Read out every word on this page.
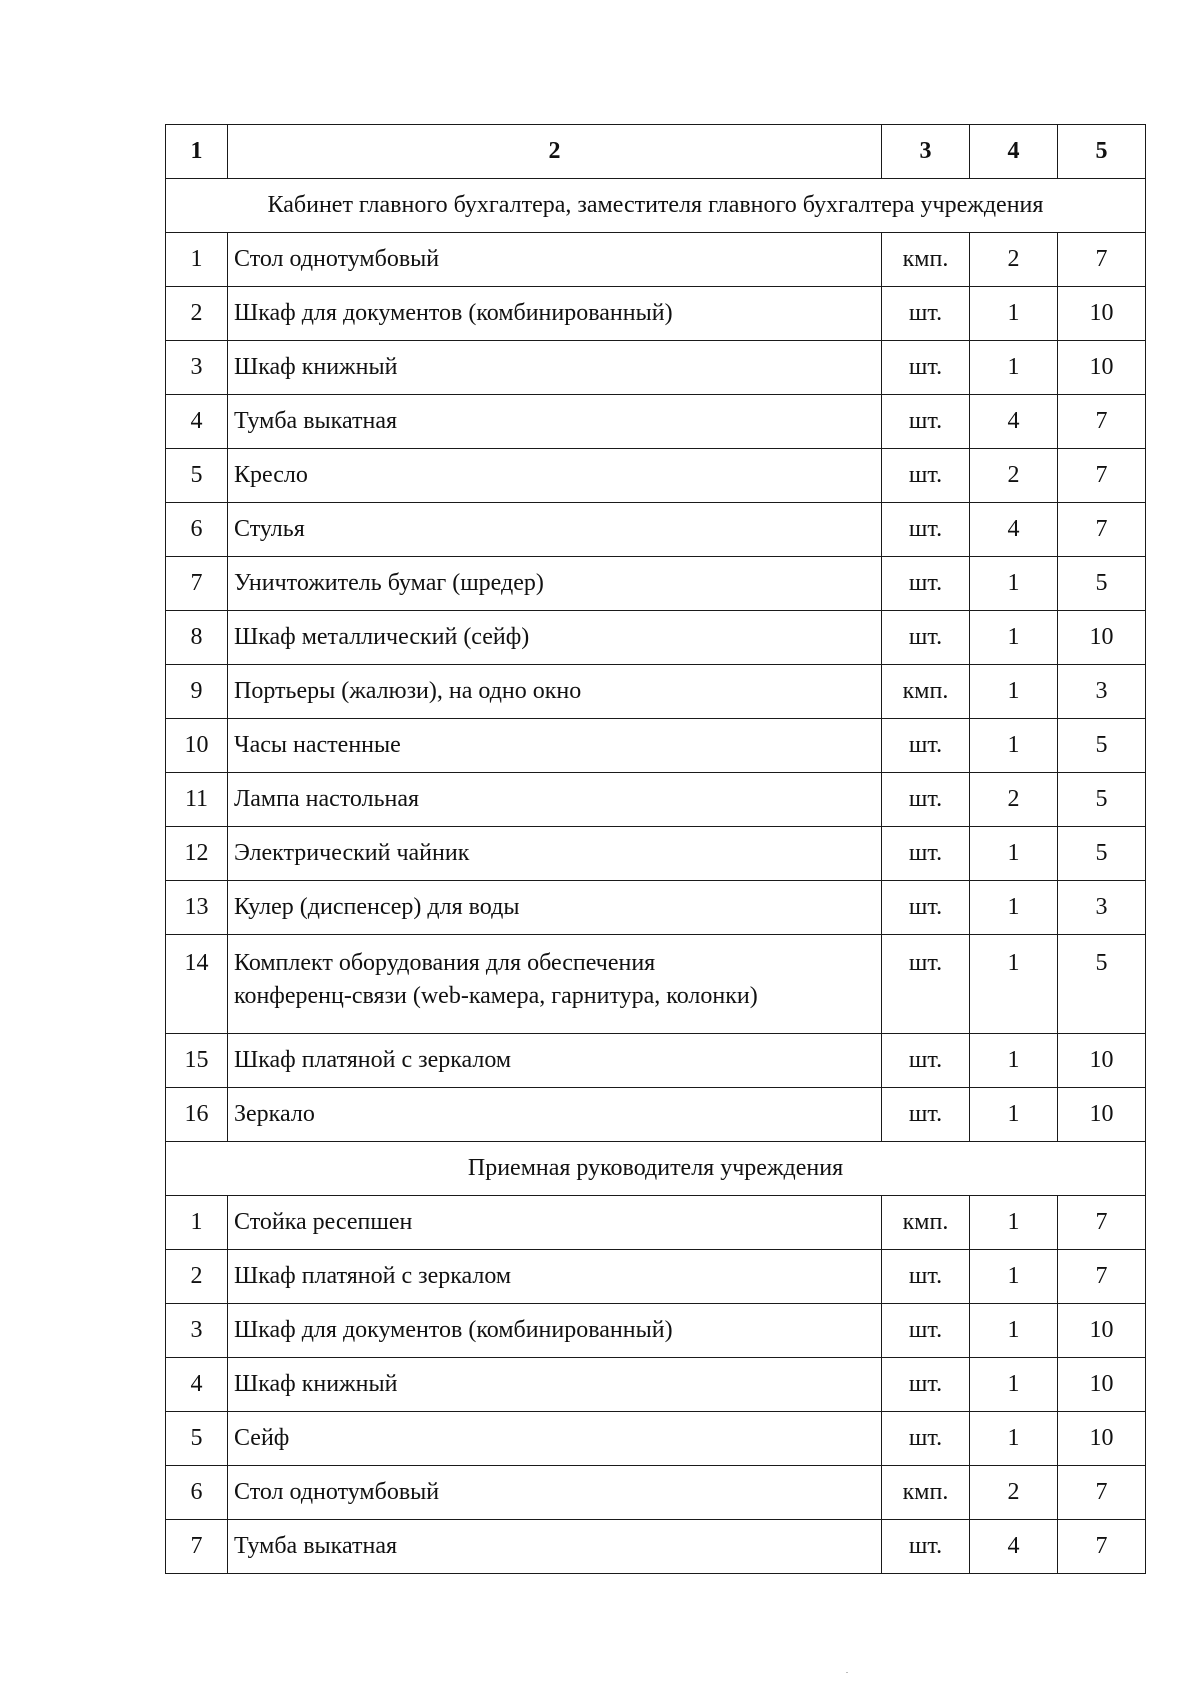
1	2	3	4	5
Кабинет главного бухгалтера, заместителя главного бухгалтера учреждения				
1	Стол однотумбовый	кмп.	2	7
2	Шкаф для документов (комбинированный)	шт.	1	10
3	Шкаф книжный	шт.	1	10
4	Тумба выкатная	шт.	4	7
5	Кресло	шт.	2	7
6	Стулья	шт.	4	7
7	Уничтожитель бумаг (шредер)	шт.	1	5
8	Шкаф металлический (сейф)	шт.	1	10
9	Портьеры (жалюзи), на одно окно	кмп.	1	3
10	Часы настенные	шт.	1	5
11	Лампа настольная	шт.	2	5
12	Электрический чайник	шт.	1	5
13	Кулер (диспенсер) для воды	шт.	1	3
14	Комплект оборудования для обеспечения
конференц-связи (web-камера, гарнитура, колонки)	шт.	1	5
15	Шкаф платяной с зеркалом	шт.	1	10
16	Зеркало	шт.	1	10
Приемная руководителя учреждения				
1	Стойка ресепшен	кмп.	1	7
2	Шкаф платяной с зеркалом	шт.	1	7
3	Шкаф для документов (комбинированный)	шт.	1	10
4	Шкаф книжный	шт.	1	10
5	Сейф	шт.	1	10
6	Стол однотумбовый	кмп.	2	7
7	Тумба выкатная	шт.	4	7
